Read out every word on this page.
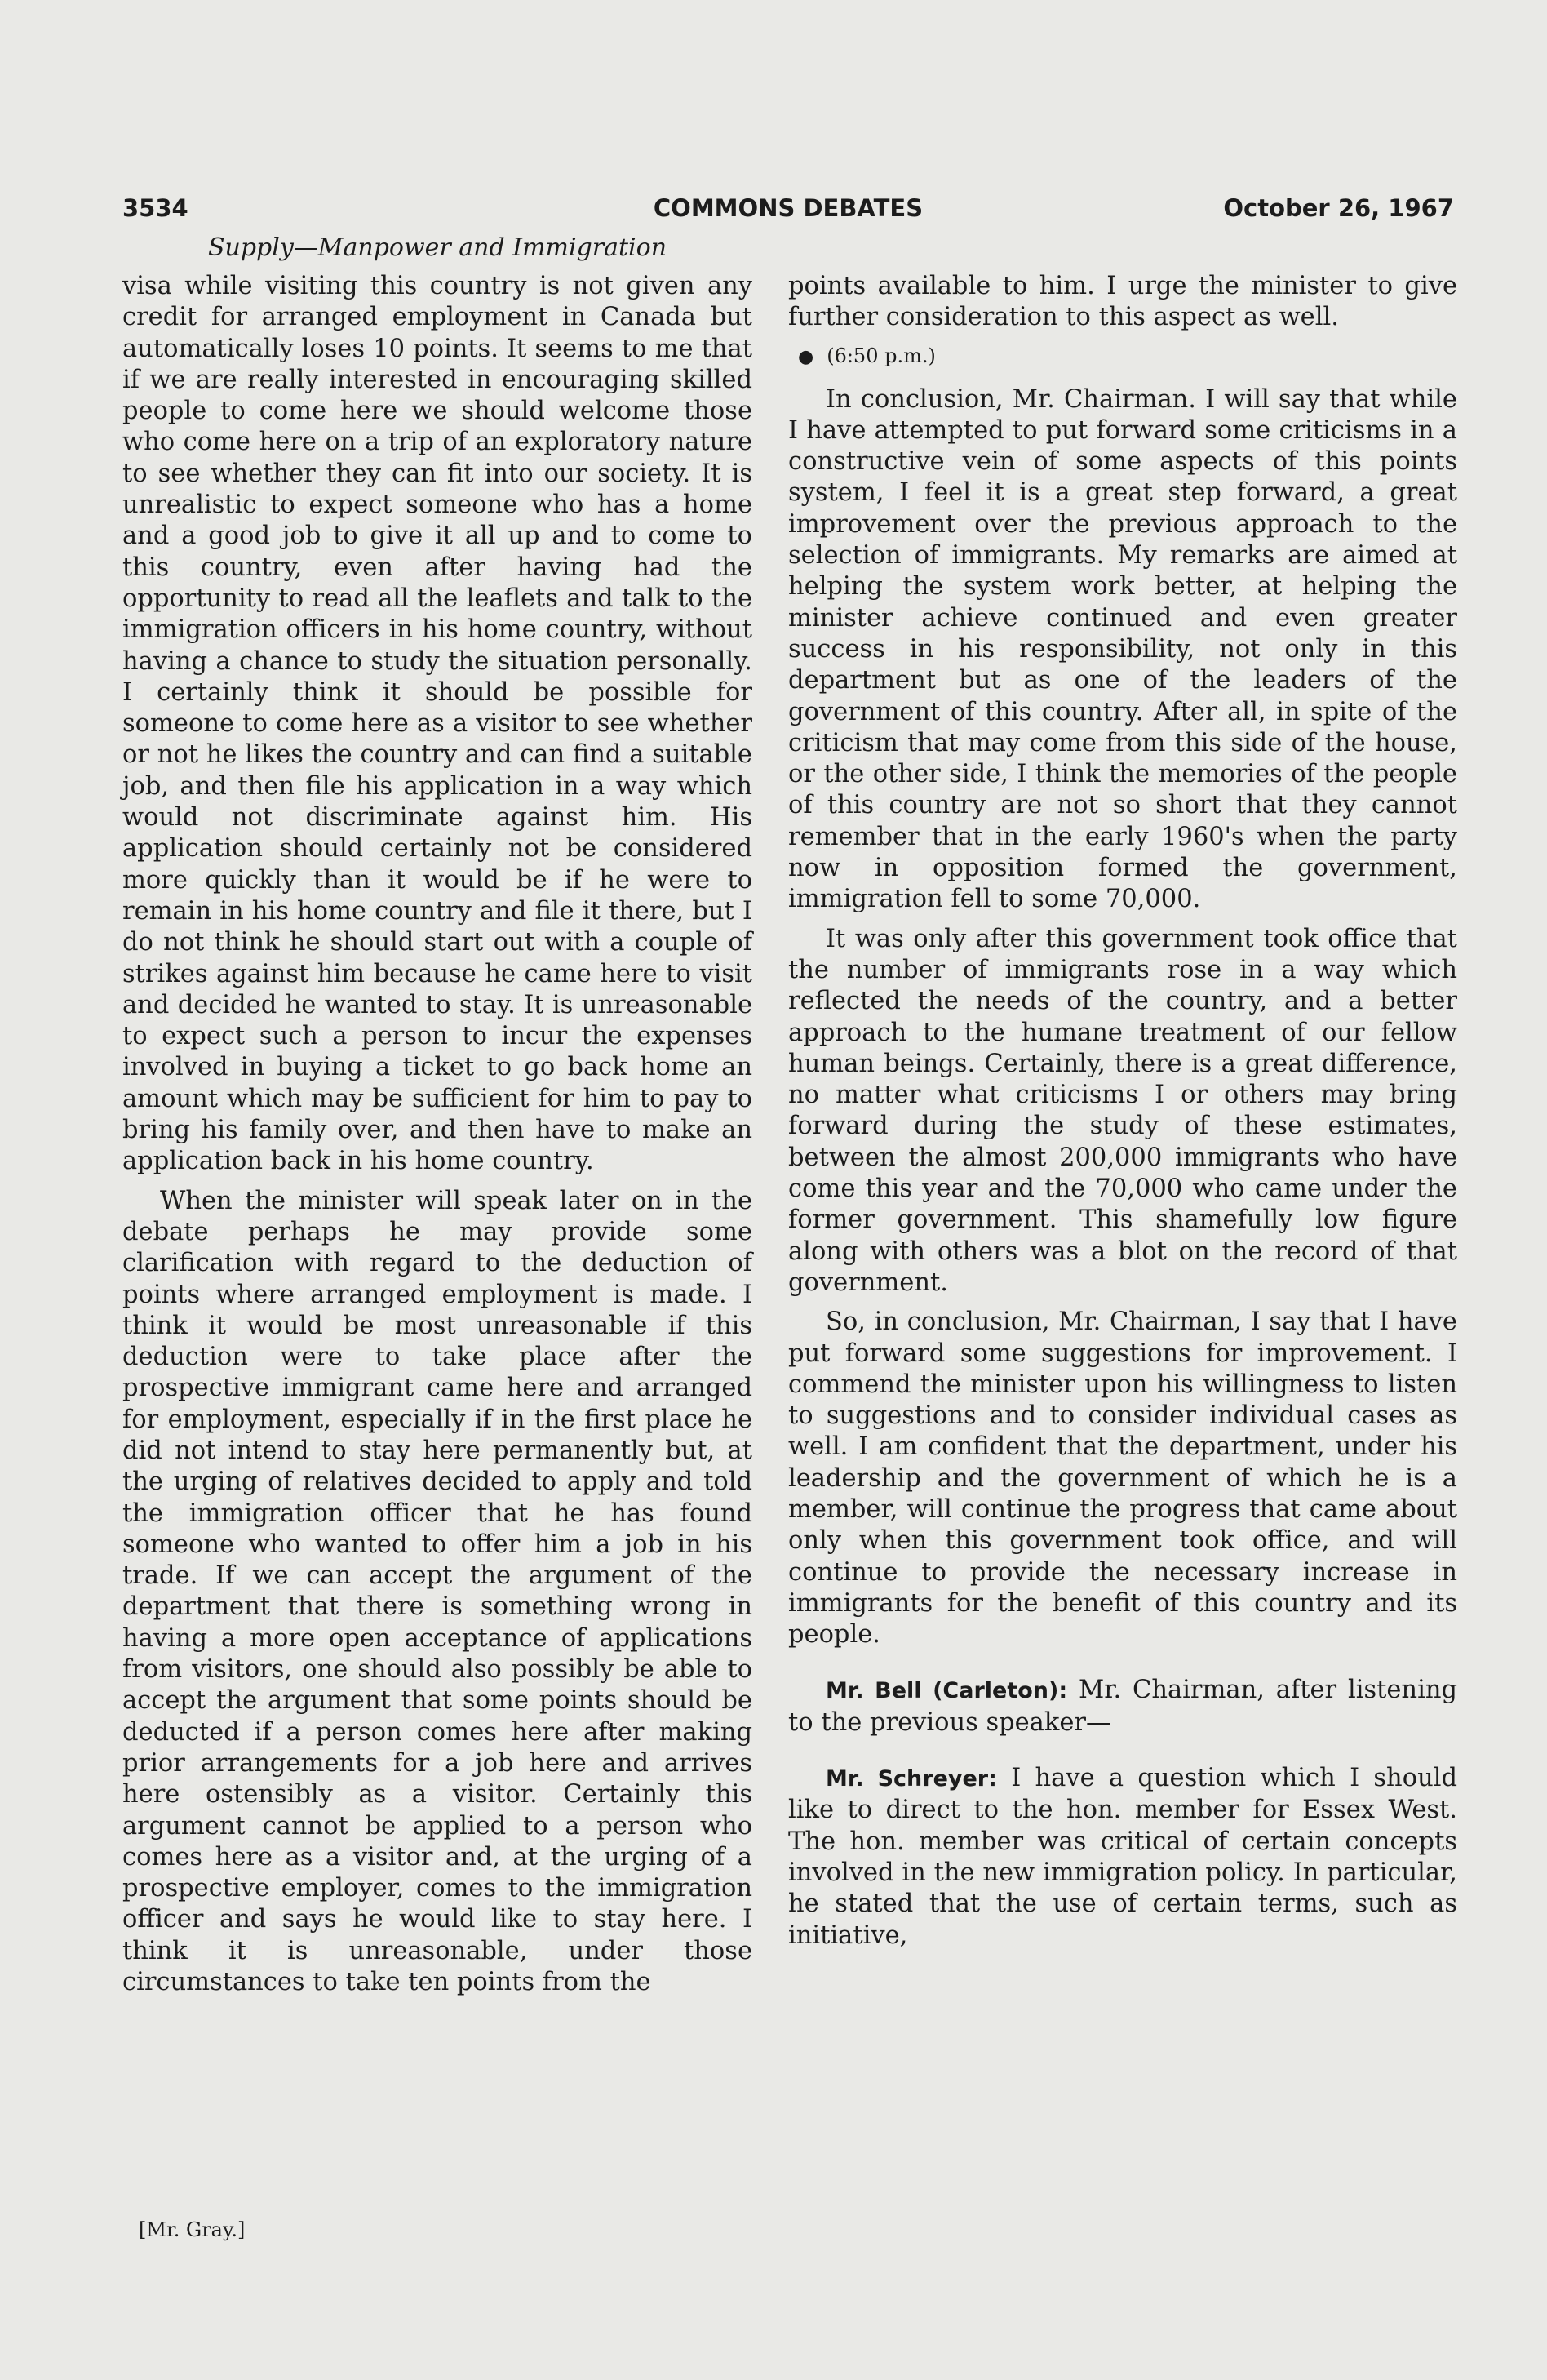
3534	COMMONS DEBATES	October 26, 1967
Supply—Manpower and Immigration

visa while visiting this country is not given any credit for arranged employment in Canada but automatically loses 10 points. It seems to me that if we are really interested in encouraging skilled people to come here we should welcome those who come here on a trip of an exploratory nature to see whether they can fit into our society. It is unrealistic to expect someone who has a home and a good job to give it all up and to come to this country, even after having had the opportunity to read all the leaflets and talk to the immigration officers in his home country, without having a chance to study the situation personally. I certainly think it should be possible for someone to come here as a visitor to see whether or not he likes the country and can find a suitable job, and then file his application in a way which would not discriminate against him. His application should certainly not be considered more quickly than it would be if he were to remain in his home country and file it there, but I do not think he should start out with a couple of strikes against him because he came here to visit and decided he wanted to stay. It is unreasonable to expect such a person to incur the expenses involved in buying a ticket to go back home an amount which may be sufficient for him to pay to bring his family over, and then have to make an application back in his home country.

When the minister will speak later on in the debate perhaps he may provide some clarification with regard to the deduction of points where arranged employment is made. I think it would be most unreasonable if this deduction were to take place after the prospective immigrant came here and arranged for employment, especially if in the first place he did not intend to stay here permanently but, at the urging of relatives decided to apply and told the immigration officer that he has found someone who wanted to offer him a job in his trade. If we can accept the argument of the department that there is something wrong in having a more open acceptance of applications from visitors, one should also possibly be able to accept the argument that some points should be deducted if a person comes here after making prior arrangements for a job here and arrives here ostensibly as a visitor. Certainly this argument cannot be applied to a person who comes here as a visitor and, at the urging of a prospective employer, comes to the immigration officer and says he would like to stay here. I think it is unreasonable, under those circumstances to take ten points from the

[Mr. Gray.]

points available to him. I urge the minister to give further consideration to this aspect as well.

● (6:50 p.m.)

In conclusion, Mr. Chairman. I will say that while I have attempted to put forward some criticisms in a constructive vein of some aspects of this points system, I feel it is a great step forward, a great improvement over the previous approach to the selection of immigrants. My remarks are aimed at helping the system work better, at helping the minister achieve continued and even greater success in his responsibility, not only in this department but as one of the leaders of the government of this country. After all, in spite of the criticism that may come from this side of the house, or the other side, I think the memories of the people of this country are not so short that they cannot remember that in the early 1960's when the party now in opposition formed the government, immigration fell to some 70,000.

It was only after this government took office that the number of immigrants rose in a way which reflected the needs of the country, and a better approach to the humane treatment of our fellow human beings. Certainly, there is a great difference, no matter what criticisms I or others may bring forward during the study of these estimates, between the almost 200,000 immigrants who have come this year and the 70,000 who came under the former government. This shamefully low figure along with others was a blot on the record of that government.

So, in conclusion, Mr. Chairman, I say that I have put forward some suggestions for improvement. I commend the minister upon his willingness to listen to suggestions and to consider individual cases as well. I am confident that the department, under his leadership and the government of which he is a member, will continue the progress that came about only when this government took office, and will continue to provide the necessary increase in immigrants for the benefit of this country and its people.

Mr. Bell (Carleton): Mr. Chairman, after listening to the previous speaker—

Mr. Schreyer: I have a question which I should like to direct to the hon. member for Essex West. The hon. member was critical of certain concepts involved in the new immigration policy. In particular, he stated that the use of certain terms, such as initiative,
